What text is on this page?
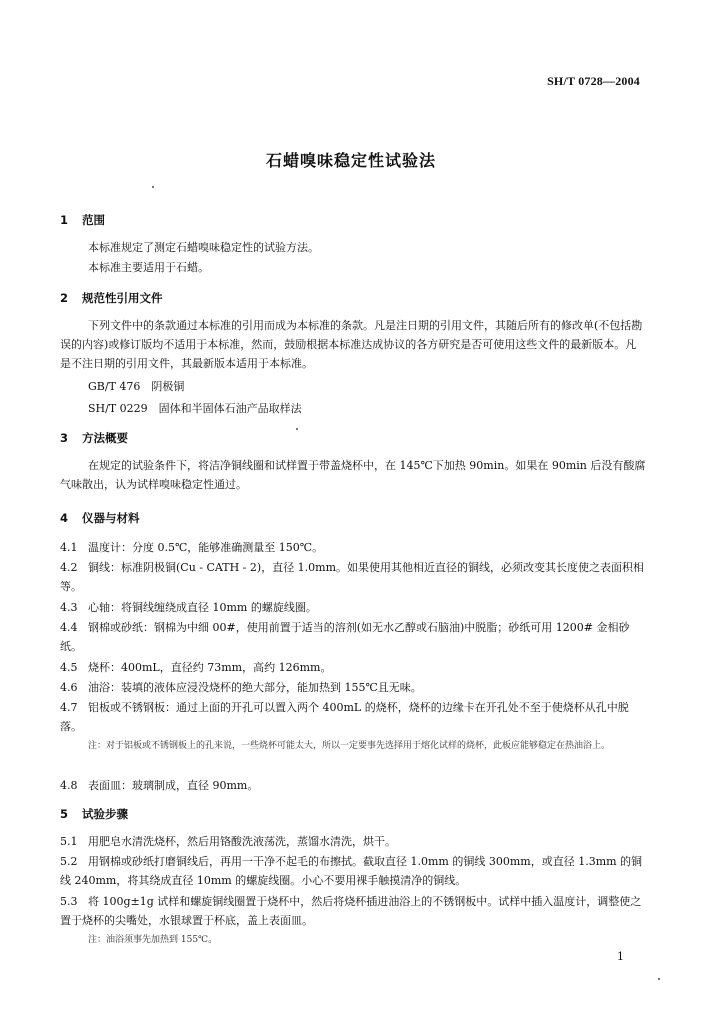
SH/T 0728—2004
石蜡嗅味稳定性试验法
1 范围
本标准规定了测定石蜡嗅味稳定性的试验方法。
本标准主要适用于石蜡。
2 规范性引用文件
下列文件中的条款通过本标准的引用而成为本标准的条款。凡是注日期的引用文件，其随后所有的修改单(不包括勘误的内容)或修订版均不适用于本标准，然而，鼓励根据本标准达成协议的各方研究是否可使用这些文件的最新版本。凡是不注日期的引用文件，其最新版本适用于本标准。
GB/T 476　阴极铜
SH/T 0229　固体和半固体石油产品取样法
3 方法概要
在规定的试验条件下，将洁净铜线圈和试样置于带盖烧杯中，在 145℃下加热 90min。如果在 90min 后没有酸腐气味散出，认为试样嗅味稳定性通过。
4 仪器与材料
4.1 温度计：分度 0.5℃，能够准确测量至 150℃。
4.2 铜线：标准阴极铜(Cu - CATH - 2)，直径 1.0mm。如果使用其他相近直径的铜线，必须改变其长度使之表面积相等。
4.3 心轴：将铜线缠绕成直径 10mm 的螺旋线圈。
4.4 钢棉或砂纸：钢棉为中细 00#，使用前置于适当的溶剂(如无水乙醇或石脑油)中脱脂；砂纸可用 1200# 金相砂纸。
4.5 烧杯：400mL，直径约 73mm，高约 126mm。
4.6 油浴：装填的液体应浸没烧杯的绝大部分，能加热到 155℃且无味。
4.7 铝板或不锈钢板：通过上面的开孔可以置入两个 400mL 的烧杯，烧杯的边缘卡在开孔处不至于使烧杯从孔中脱落。
注：对于铝板或不锈钢板上的孔来说，一些烧杯可能太大，所以一定要事先选择用于熔化试样的烧杯，此板应能够稳定在热油浴上。
4.8 表面皿：玻璃制成，直径 90mm。
5 试验步骤
5.1 用肥皂水清洗烧杯，然后用铬酸洗液荡洗，蒸馏水清洗，烘干。
5.2 用钢棉或砂纸打磨铜线后，再用一干净不起毛的布擦拭。截取直径 1.0mm 的铜线 300mm，或直径 1.3mm 的铜线 240mm，将其绕成直径 10mm 的螺旋线圈。小心不要用裸手触摸清净的铜线。
5.3 将 100g±1g 试样和螺旋铜线圈置于烧杯中，然后将烧杯插进油浴上的不锈钢板中。试样中插入温度计，调整使之置于烧杯的尖嘴处，水银球置于杯底，盖上表面皿。
注：油浴须事先加热到 155℃。
1
